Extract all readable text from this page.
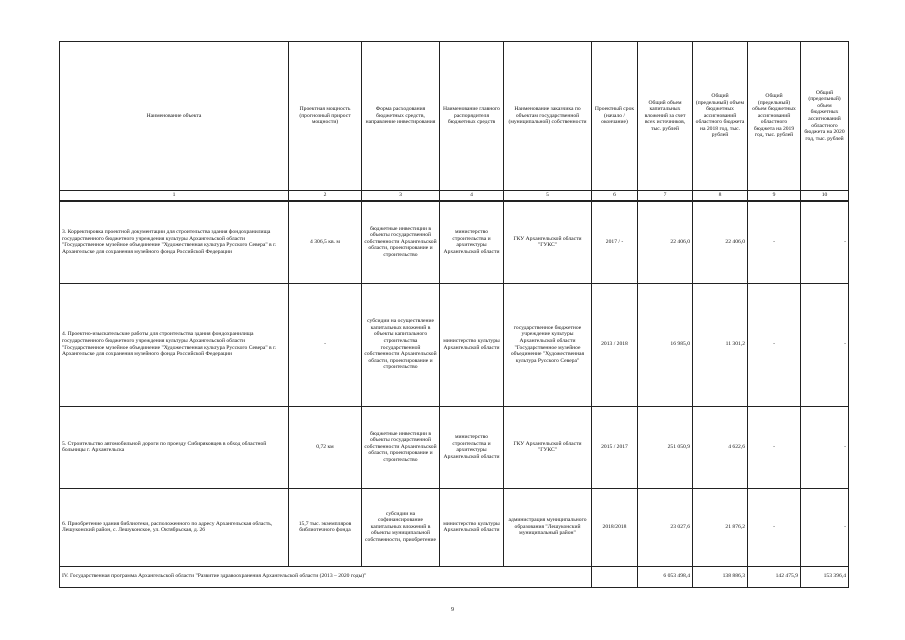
Наименование объекта	Проектная мощность (прогнозный прирост мощности)	Форма расходования бюджетных средств, направление инвестирования	Наименование главного распорядителя бюджетных средств	Наименование заказчика по объектам государственной (муниципальной) собственности	Проектный срок (начало / окончание)	Общий объем капитальных вложений за счет всех источников, тыс. рублей	Общий (предельный) объем бюджетных ассигнований областного бюджета на 2018 год, тыс. рублей	Общий (предельный) объем бюджетных ассигнований областного бюджета на 2019 год, тыс. рублей	Общий (предельный) объем бюджетных ассигнований областного бюджета на 2020 год, тыс. рублей
1	2	3	4	5	6	7	8	9	10

3. Корректировка проектной документации для строительства здания фондохранилища государственного бюджетного учреждения культуры Архангельской области "Государственное музейное объединение "Художественная культура Русского Севера" в г. Архангельске для сохранения музейного фонда Российской Федерации	4 306,5 кв. м	бюджетные инвестиции в объекты государственной собственности Архангельской области, проектирование и строительство	министерство строительства и архитектуры Архангельской области	ГКУ Архангельской области "ГУКС"	2017 / -	22 406,0	22 406,0	-	-
4. Проектно-изыскательские работы для строительства здания фондохранилища государственного бюджетного учреждения культуры Архангельской области "Государственное музейное объединение "Художественная культура Русского Севера" в г. Архангельске для сохранения музейного фонда Российской Федерации	-	субсидии на осуществление капитальных вложений в объекты капитального строительства государственной собственности Архангельской области, проектирование и строительство	министерство культуры Архангельской области	государственное бюджетное учреждение культуры Архангельской области "Государственное музейное объединение "Художественная культура Русского Севера"	2013 / 2018	16 985,0	11 301,2	-	-
5. Строительство автомобильной дороги по проезду Сибиряковцев в обход областной больницы г. Архангельска	0,72 км	бюджетные инвестиции в объекты государственной собственности Архангельской области, проектирование и строительство	министерство строительства и архитектуры Архангельской области	ГКУ Архангельской области "ГУКС"	2015 / 2017	251 050,9	4 622,6	-	-
6. Приобретение здания библиотеки, расположенного по адресу Архангельская область, Лешуконский район, с. Лешуконское, ул. Октябрьская, д. 26	15,7 тыс. экземпляров библиотечного фонда	субсидии на софинансирование капитальных вложений в объекты муниципальной собственности, приобретение	министерство культуры Архангельской области	администрация муниципального образования "Лешуконский муниципальный район"	2018/2018	23 027,6	21 876,2	-	-
IV. Государственная программа Архангельской области "Развитие здравоохранения Архангельской области (2013 – 2020 годы)"						6 053 498,4	138 886,3	142 475,9	153 396,4
9
